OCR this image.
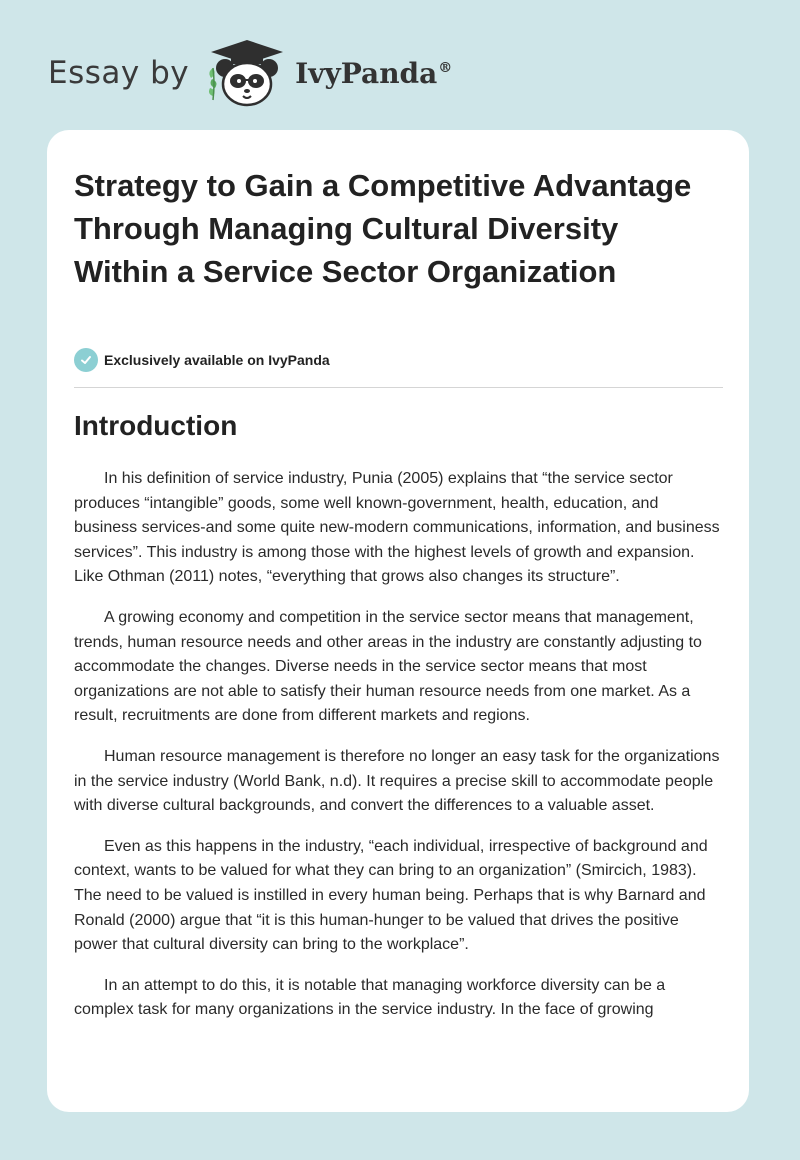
Essay by	IvyPanda®
Strategy to Gain a Competitive Advantage Through Managing Cultural Diversity Within a Service Sector Organization
Exclusively available on IvyPanda
Introduction

In his definition of service industry, Punia (2005) explains that “the service sector produces “intangible” goods, some well known-government, health, education, and business services-and some quite new-modern communications, information, and business services”. This industry is among those with the highest levels of growth and expansion. Like Othman (2011) notes, “everything that grows also changes its structure”.

A growing economy and competition in the service sector means that management, trends, human resource needs and other areas in the industry are constantly adjusting to accommodate the changes. Diverse needs in the service sector means that most organizations are not able to satisfy their human resource needs from one market. As a result, recruitments are done from different markets and regions.

Human resource management is therefore no longer an easy task for the organizations in the service industry (World Bank, n.d). It requires a precise skill to accommodate people with diverse cultural backgrounds, and convert the differences to a valuable asset.

Even as this happens in the industry, “each individual, irrespective of background and context, wants to be valued for what they can bring to an organization” (Smircich, 1983). The need to be valued is instilled in every human being. Perhaps that is why Barnard and Ronald (2000) argue that “it is this human-hunger to be valued that drives the positive power that cultural diversity can bring to the workplace”.

In an attempt to do this, it is notable that managing workforce diversity can be a complex task for many organizations in the service industry. In the face of growing
